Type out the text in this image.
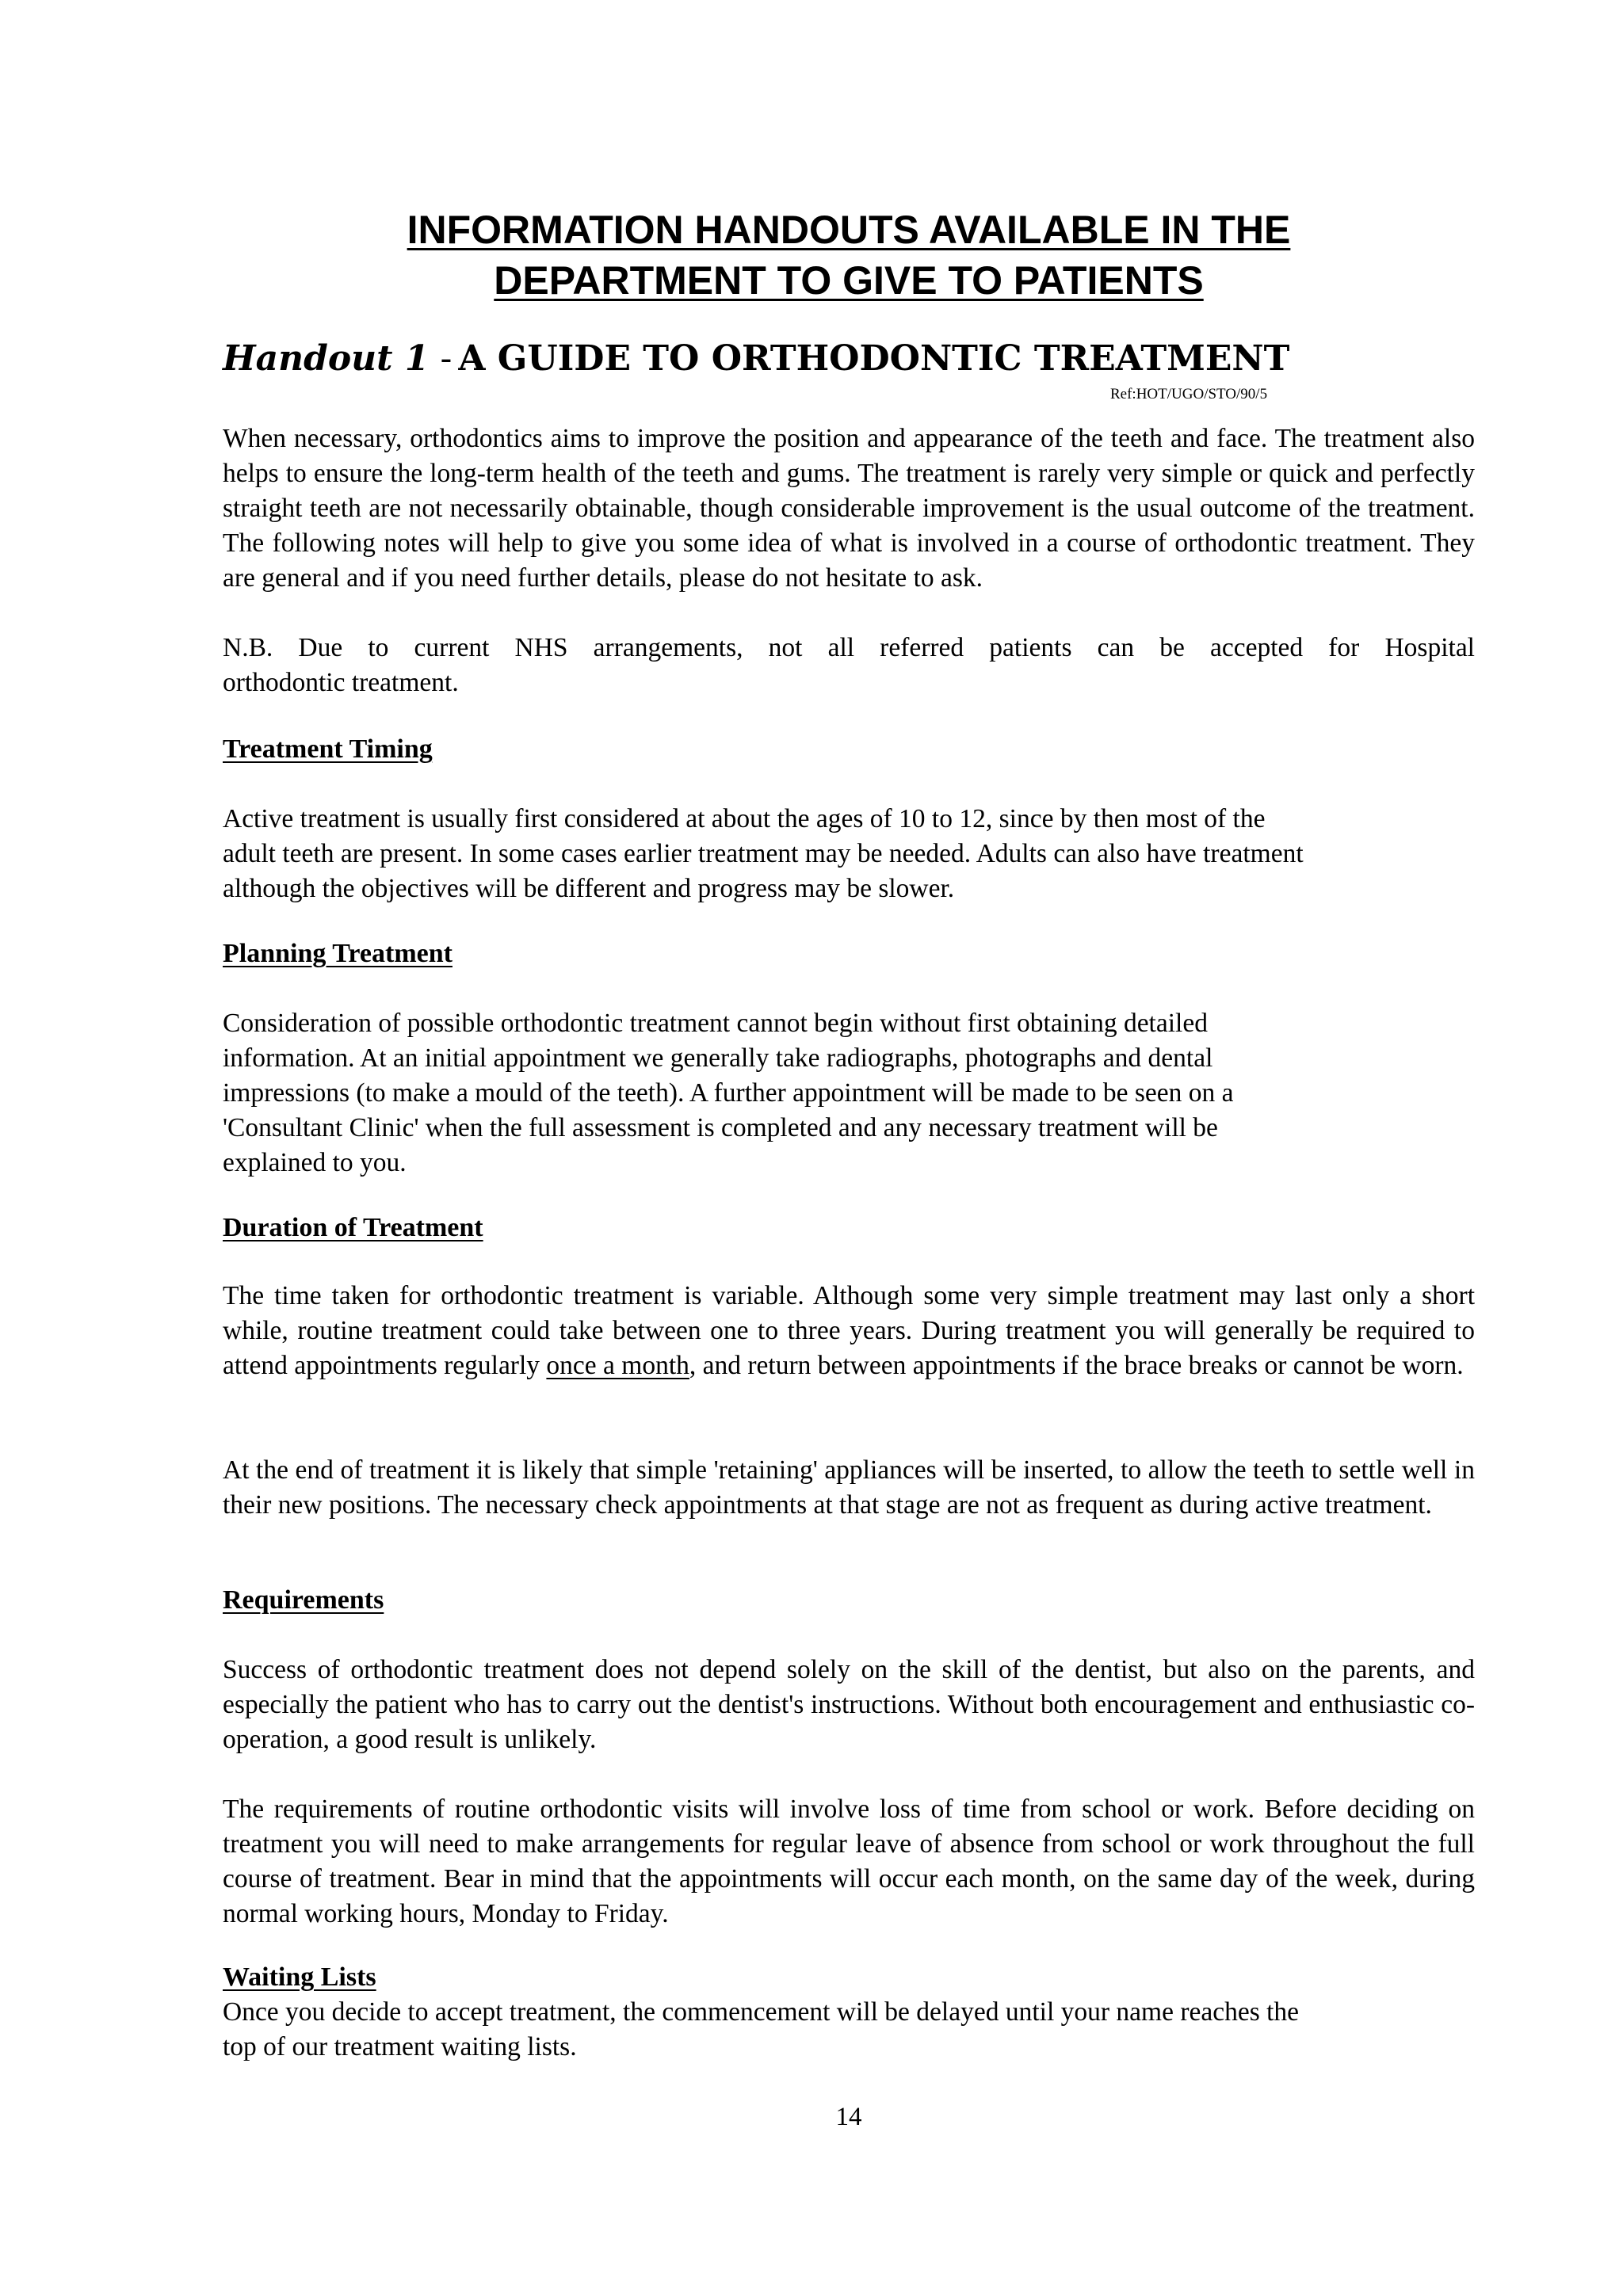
INFORMATION HANDOUTS AVAILABLE IN THE
DEPARTMENT TO GIVE TO PATIENTS
Handout 1 - A GUIDE TO ORTHODONTIC TREATMENT
Ref:HOT/UGO/STO/90/5

When necessary, orthodontics aims to improve the position and appearance of the teeth and face. The treatment also helps to ensure the long-term health of the teeth and gums. The treatment is rarely very simple or quick and perfectly straight teeth are not necessarily obtainable, though considerable improvement is the usual outcome of the treatment. The following notes will help to give you some idea of what is involved in a course of orthodontic treatment. They are general and if you need further details, please do not hesitate to ask.

N.B. Due to current NHS arrangements, not all referred patients can be accepted for Hospital

orthodontic treatment.

Treatment Timing

Active treatment is usually first considered at about the ages of 10 to 12, since by then most of the

adult teeth are present. In some cases earlier treatment may be needed. Adults can also have treatment

although the objectives will be different and progress may be slower.

Planning Treatment

Consideration of possible orthodontic treatment cannot begin without first obtaining detailed

information. At an initial appointment we generally take radiographs, photographs and dental

impressions (to make a mould of the teeth). A further appointment will be made to be seen on a

'Consultant Clinic' when the full assessment is completed and any necessary treatment will be

explained to you.

Duration of Treatment

The time taken for orthodontic treatment is variable. Although some very simple treatment may last only a short while, routine treatment could take between one to three years. During treatment you will generally be required to attend appointments regularly once a month, and return between appointments if the brace breaks or cannot be worn.

At the end of treatment it is likely that simple 'retaining' appliances will be inserted, to allow the teeth to settle well in their new positions. The necessary check appointments at that stage are not as frequent as during active treatment.

Requirements

Success of orthodontic treatment does not depend solely on the skill of the dentist, but also on the parents, and especially the patient who has to carry out the dentist's instructions. Without both encouragement and enthusiastic co-operation, a good result is unlikely.

The requirements of routine orthodontic visits will involve loss of time from school or work. Before deciding on treatment you will need to make arrangements for regular leave of absence from school or work throughout the full course of treatment. Bear in mind that the appointments will occur each month, on the same day of the week, during normal working hours, Monday to Friday.

Waiting Lists

Once you decide to accept treatment, the commencement will be delayed until your name reaches the

top of our treatment waiting lists.

14
